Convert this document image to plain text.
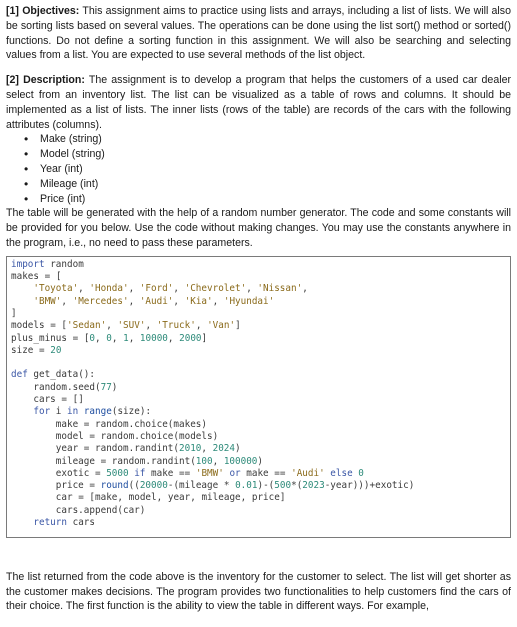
[1] Objectives: This assignment aims to practice using lists and arrays, including a list of lists. We will also be sorting lists based on several values. The operations can be done using the list sort() method or sorted() functions. Do not define a sorting function in this assignment. We will also be searching and selecting values from a list. You are expected to use several methods of the list object.

[2] Description: The assignment is to develop a program that helps the customers of a used car dealer select from an inventory list. The list can be visualized as a table of rows and columns. It should be implemented as a list of lists. The inner lists (rows of the table) are records of the cars with the following attributes (columns).

• Make (string)
• Model (string)
• Year (int)
• Mileage (int)
• Price (int)

The table will be generated with the help of a random number generator. The code and some constants will be provided for you below. Use the code without making changes. You may use the constants anywhere in the program, i.e., no need to pass these parameters.

import random
makes = [
'Toyota', 'Honda', 'Ford', 'Chevrolet', 'Nissan',
'BMW', 'Mercedes', 'Audi', 'Kia', 'Hyundai'
]
models = ['Sedan', 'SUV', 'Truck', 'Van']
plus_minus = [0, 0, 1, 10000, 2000]
size = 20

def get_data():
random.seed(77)
cars = []
for i in range(size):
make = random.choice(makes)
model = random.choice(models)
year = random.randint(2010, 2024)
mileage = random.randint(100, 100000)
exotic = 5000 if make == 'BMW' or make == 'Audi' else 0
price = round((20000-(mileage * 0.01)-(500*(2023-year)))+exotic)
car = [make, model, year, mileage, price]
cars.append(car)
return cars

The list returned from the code above is the inventory for the customer to select. The list will get shorter as the customer makes decisions. The program provides two functionalities to help customers find the cars of their choice. The first function is the ability to view the table in different ways. For example,
